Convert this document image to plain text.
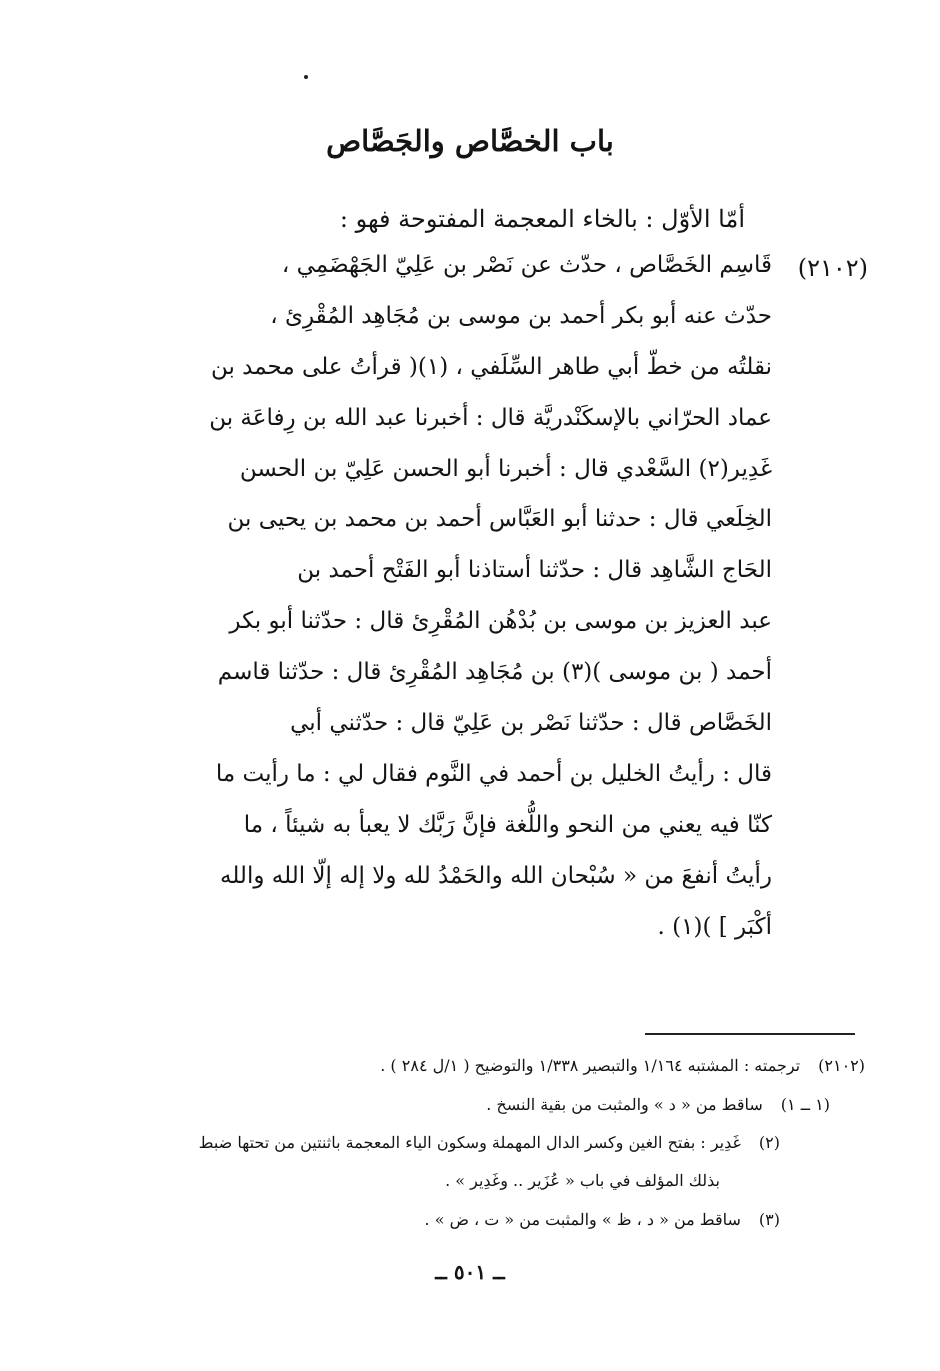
باب الخصَّاص والجَصَّاص
أمّا الأوّل : بالخاء المعجمة المفتوحة فهو :
(٢١٠٢)
قَاسِم الخَصَّاص ، حدّث عن نَصْر بن عَلِيّ الجَهْضَمِي ،
حدّث عنه أبو بكر أحمد بن موسى بن مُجَاهِد المُقْرِئ ،
نقلتُه من خطّ أبي طاهر السِّلَفي ، (١)( قرأتُ على محمد بن
عماد الحرّاني بالإسكَنْدريَّة قال : أخبرنا عبد الله بن رِفاعَة بن
غَدِير(٢) السَّعْدي قال : أخبرنا أبو الحسن عَلِيّ بن الحسن
الخِلَعي قال : حدثنا أبو العَبَّاس أحمد بن محمد بن يحيى بن
الحَاج الشَّاهِد قال : حدّثنا أستاذنا أبو الفَتْح أحمد بن
عبد العزيز بن موسى بن بُدْهُن المُقْرِئ قال : حدّثنا أبو بكر
أحمد ( بن موسى )(٣) بن مُجَاهِد المُقْرِئ قال : حدّثنا قاسم
الخَصَّاص قال : حدّثنا نَصْر بن عَلِيّ قال : حدّثني أبي
قال : رأيتُ الخليل بن أحمد في النَّوم فقال لي : ما رأيت ما
كنّا فيه يعني من النحو واللُّغة فإنَّ رَبَّك لا يعبأ به شيئاً ، ما
رأيتُ أنفعَ من « سُبْحان الله والحَمْدُ لله ولا إله إلّا الله والله
أكْبَر ] )(١) .
(٢١٠٢)ترجمته : المشتبه ١/١٦٤ والتبصير ١/٣٣٨ والتوضيح ( ١/ل ٢٨٤ ) .
(١ ــ ١)ساقط من « د » والمثبت من بقية النسخ .
(٢)غَدِير : بفتح الغين وكسر الدال المهملة وسكون الياء المعجمة باثنتين من تحتها ضبط
بذلك المؤلف في باب « عُزَير .. وغَدِير » .
(٣)ساقط من « د ، ظ » والمثبت من « ت ، ض » .
ــ ٥٠١ ــ
